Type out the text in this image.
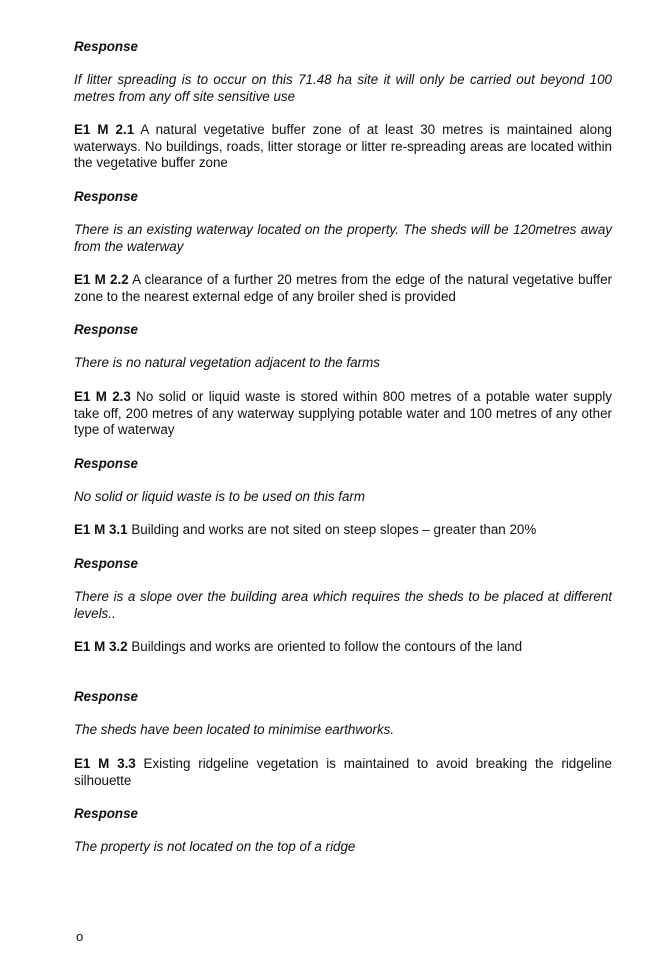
Response

If litter spreading is to occur on this 71.48 ha site it will only be carried out beyond 100 metres from any off site sensitive use

E1 M 2.1 A natural vegetative buffer zone of at least 30 metres is maintained along waterways. No buildings, roads, litter storage or litter re-spreading areas are located within the vegetative buffer zone

Response

There is an existing waterway located on the property. The sheds will be 120metres away from the waterway

E1 M 2.2 A clearance of a further 20 metres from the edge of the natural vegetative buffer zone to the nearest external edge of any broiler shed is provided

Response

There is no natural vegetation adjacent to the farms

E1 M 2.3 No solid or liquid waste is stored within 800 metres of a potable water supply take off, 200 metres of any waterway supplying potable water and 100 metres of any other type of waterway

Response

No solid or liquid waste is to be used on this farm

E1 M 3.1 Building and works are not sited on steep slopes – greater than 20%

Response

There is a slope over the building area which requires the sheds to be placed at different levels..

E1 M 3.2 Buildings and works are oriented to follow the contours of the land

Response

The sheds have been located to minimise earthworks.

E1 M 3.3 Existing ridgeline vegetation is maintained to avoid breaking the ridgeline silhouette

Response

The property is not located on the top of a ridge

o
